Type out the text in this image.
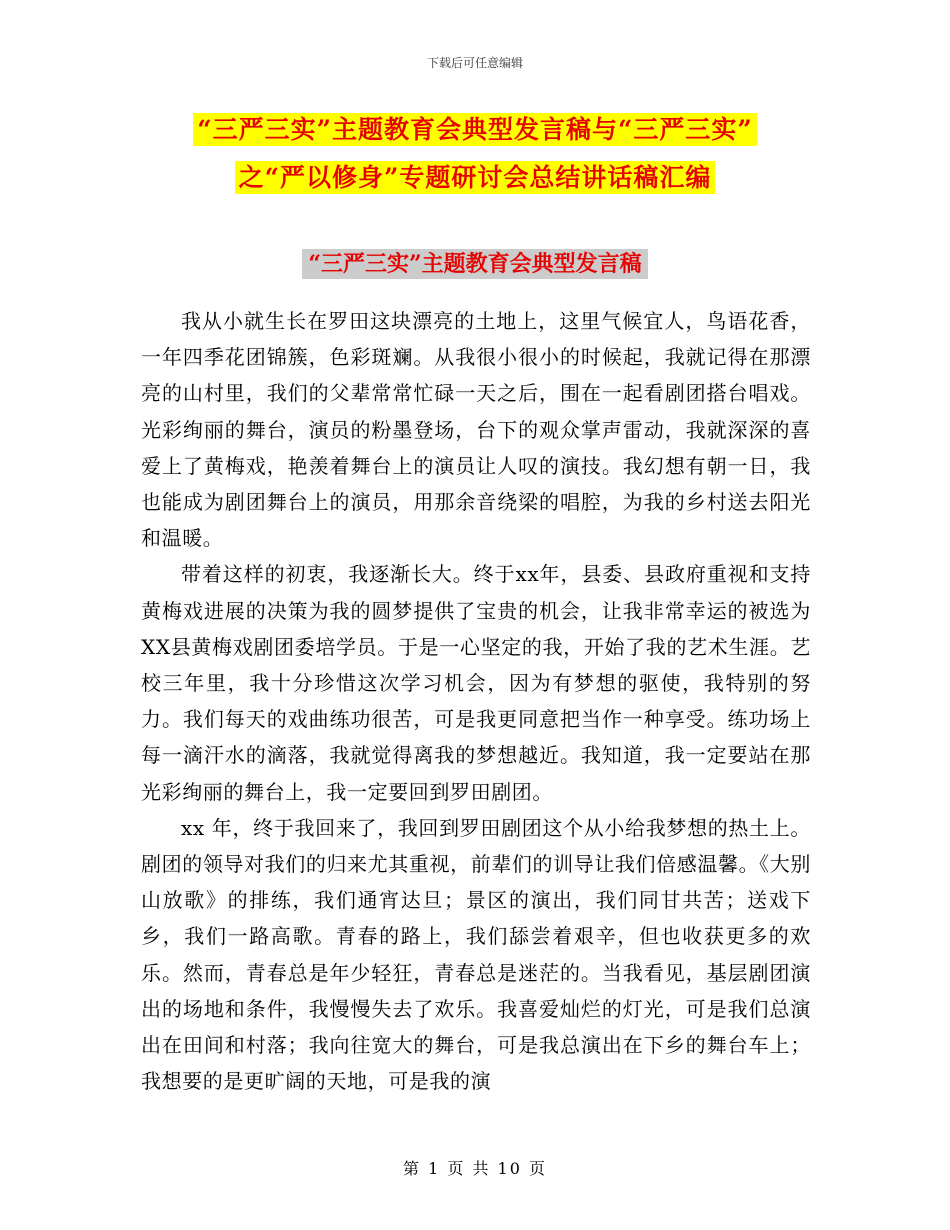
下载后可任意编辑
“三严三实”主题教育会典型发言稿与“三严三实”
之“严以修身”专题研讨会总结讲话稿汇编
“三严三实”主题教育会典型发言稿

我从小就生长在罗田这块漂亮的土地上，这里气候宜人，鸟语花香，一年四季花团锦簇，色彩斑斓。从我很小很小的时候起，我就记得在那漂亮的山村里，我们的父辈常常忙碌一天之后，围在一起看剧团搭台唱戏。光彩绚丽的舞台，演员的粉墨登场，台下的观众掌声雷动，我就深深的喜爱上了黄梅戏，艳羡着舞台上的演员让人叹的演技。我幻想有朝一日，我也能成为剧团舞台上的演员，用那余音绕梁的唱腔，为我的乡村送去阳光和温暖。

带着这样的初衷，我逐渐长大。终于xx年，县委、县政府重视和支持黄梅戏进展的决策为我的圆梦提供了宝贵的机会，让我非常幸运的被选为XX县黄梅戏剧团委培学员。于是一心坚定的我，开始了我的艺术生涯。艺校三年里，我十分珍惜这次学习机会，因为有梦想的驱使，我特别的努力。我们每天的戏曲练功很苦，可是我更同意把当作一种享受。练功场上每一滴汗水的滴落，我就觉得离我的梦想越近。我知道，我一定要站在那光彩绚丽的舞台上，我一定要回到罗田剧团。

xx 年，终于我回来了，我回到罗田剧团这个从小给我梦想的热土上。剧团的领导对我们的归来尤其重视，前辈们的训导让我们倍感温馨。《大别山放歌》的排练，我们通宵达旦；景区的演出，我们同甘共苦；送戏下乡，我们一路高歌。青春的路上，我们舔尝着艰辛，但也收获更多的欢乐。然而，青春总是年少轻狂，青春总是迷茫的。当我看见，基层剧团演出的场地和条件，我慢慢失去了欢乐。我喜爱灿烂的灯光，可是我们总演出在田间和村落；我向往宽大的舞台，可是我总演出在下乡的舞台车上；我想要的是更旷阔的天地，可是我的演

第 1 页 共 10 页
